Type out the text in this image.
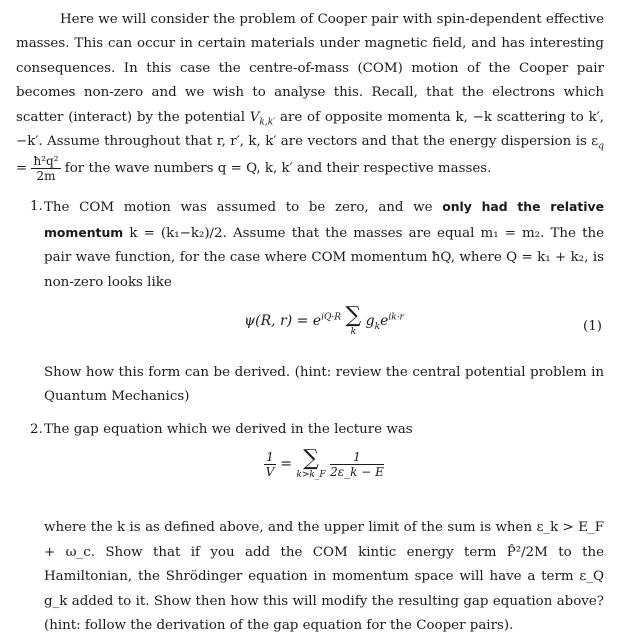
Here we will consider the problem of Cooper pair with spin-dependent effective masses. This can occur in certain materials under magnetic field, and has interesting consequences. In this case the centre-of-mass (COM) motion of the Cooper pair becomes non-zero and we wish to analyse this. Recall, that the electrons which scatter (interact) by the potential $V_{k,k'}$ are of opposite momenta k, −k scattering to k′, −k′. Assume throughout that r, r′, k, k′ are vectors and that the energy dispersion is $\varepsilon_q = \frac{\text{ħ²q²}}{2m}$ for the wave numbers q = Q, k, k′ and their respective masses.

1. The COM motion was assumed to be zero, and we only had the relative momentum k = (k₁−k₂)/2. Assume that the masses are equal m₁ = m₂. The the pair wave function, for the case where COM momentum ħQ, where Q = k₁ + k₂, is non-zero looks like
ψ(R, $r) = e^{iQ\cdot R}$ ∑
k
$g_ke^{ik\cdot r}$
(1)
Show how this form can be derived. (hint: review the central potential problem in Quantum Mechanics)
2. The gap equation which we derived in the lecture was
$\frac{1}{V}$ = ∑
k>k_F
$\frac{1}{2\varepsilon\_k - E}$
where the k is as defined above, and the upper limit of the sum is when ε_k > E_F + ω_c. Show that if you add the COM kintic energy term P̂²/2M to the Hamiltonian, the Shrödinger equation in momentum space will have a term ε_Q g_k added to it. Show then how this will modify the resulting gap equation above? (hint: follow the derivation of the gap equation for the Cooper pairs).
